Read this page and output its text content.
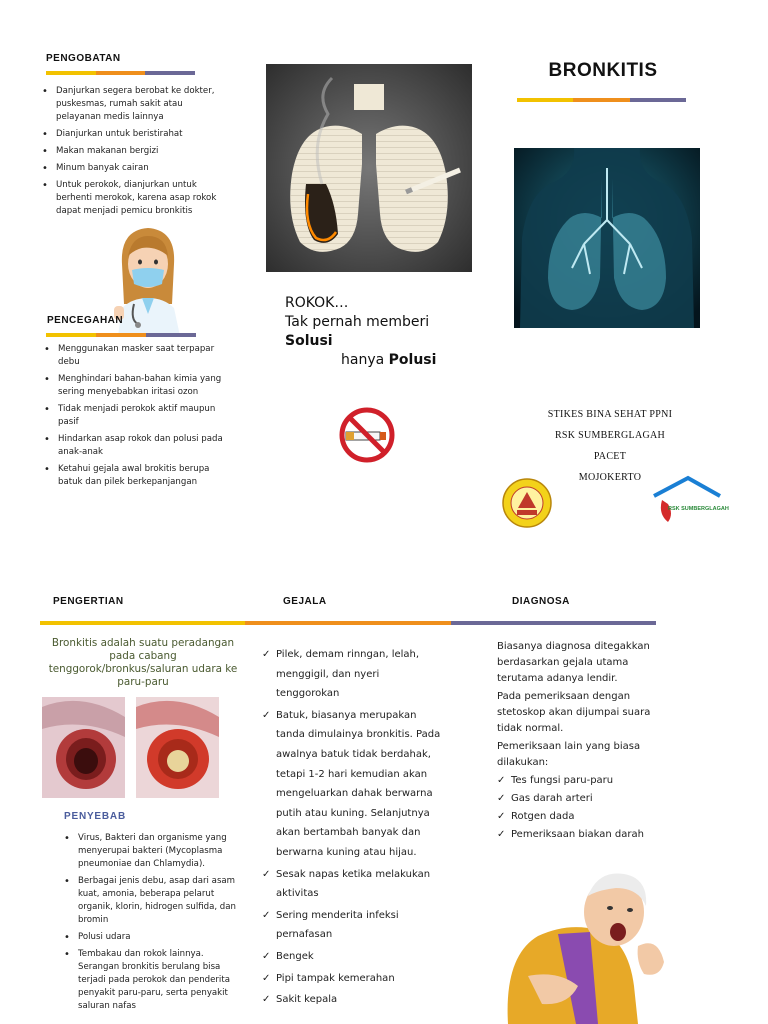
PENGOBATAN
• Danjurkan segera berobat ke dokter, puskesmas, rumah sakit atau pelayanan medis lainnya
• Dianjurkan untuk beristirahat
• Makan makanan bergizi
• Minum banyak cairan
• Untuk perokok, dianjurkan untuk berhenti merokok, karena asap rokok dapat menjadi pemicu bronkitis
PENCEGAHAN
• Menggunakan masker saat terpapar debu
• Menghindari bahan-bahan kimia yang sering menyebabkan iritasi ozon
• Tidak menjadi perokok aktif maupun pasif
• Hindarkan asap rokok dan polusi pada anak-anak
• Ketahui gejala awal brokitis berupa batuk dan pilek berkepanjangan
ROKOK…
Tak pernah memberi
Solusi
hanya Polusi
BRONKITIS
STIKES BINA SEHAT PPNI
RSK SUMBERGLAGAH
PACET
MOJOKERTO
RSK SUMBERGLAGAH
PENGERTIAN	GEJALA	DIAGNOSA
Bronkitis adalah suatu peradangan pada cabang tenggorok/bronkus/saluran udara ke paru-paru
PENYEBAB
• Virus, Bakteri dan organisme yang menyerupai bakteri (Mycoplasma pneumoniae dan Chlamydia).
• Berbagai jenis debu, asap dari asam kuat, amonia, beberapa pelarut organik, klorin, hidrogen sulfida, dan bromin
• Polusi udara
• Tembakau dan rokok lainnya. Serangan bronkitis berulang bisa terjadi pada perokok dan penderita penyakit paru-paru, serta penyakit saluran nafas
✓ Pilek, demam rinngan, lelah, menggigil, dan nyeri tenggorokan
✓ Batuk, biasanya merupakan tanda dimulainya bronkitis. Pada awalnya batuk tidak berdahak, tetapi 1-2 hari kemudian akan mengeluarkan dahak berwarna putih atau kuning. Selanjutnya akan bertambah banyak dan berwarna kuning atau hijau.
✓ Sesak napas ketika melakukan aktivitas
✓ Sering menderita infeksi pernafasan
✓ Bengek
✓ Pipi tampak kemerahan
✓ Sakit kepala

Biasanya diagnosa ditegakkan berdasarkan gejala utama terutama adanya lendir.

Pada pemeriksaan dengan stetoskop akan dijumpai suara tidak normal.

Pemeriksaan lain yang biasa dilakukan:

✓ Tes fungsi paru-paru
✓ Gas darah arteri
✓ Rotgen dada
✓ Pemeriksaan biakan darah
